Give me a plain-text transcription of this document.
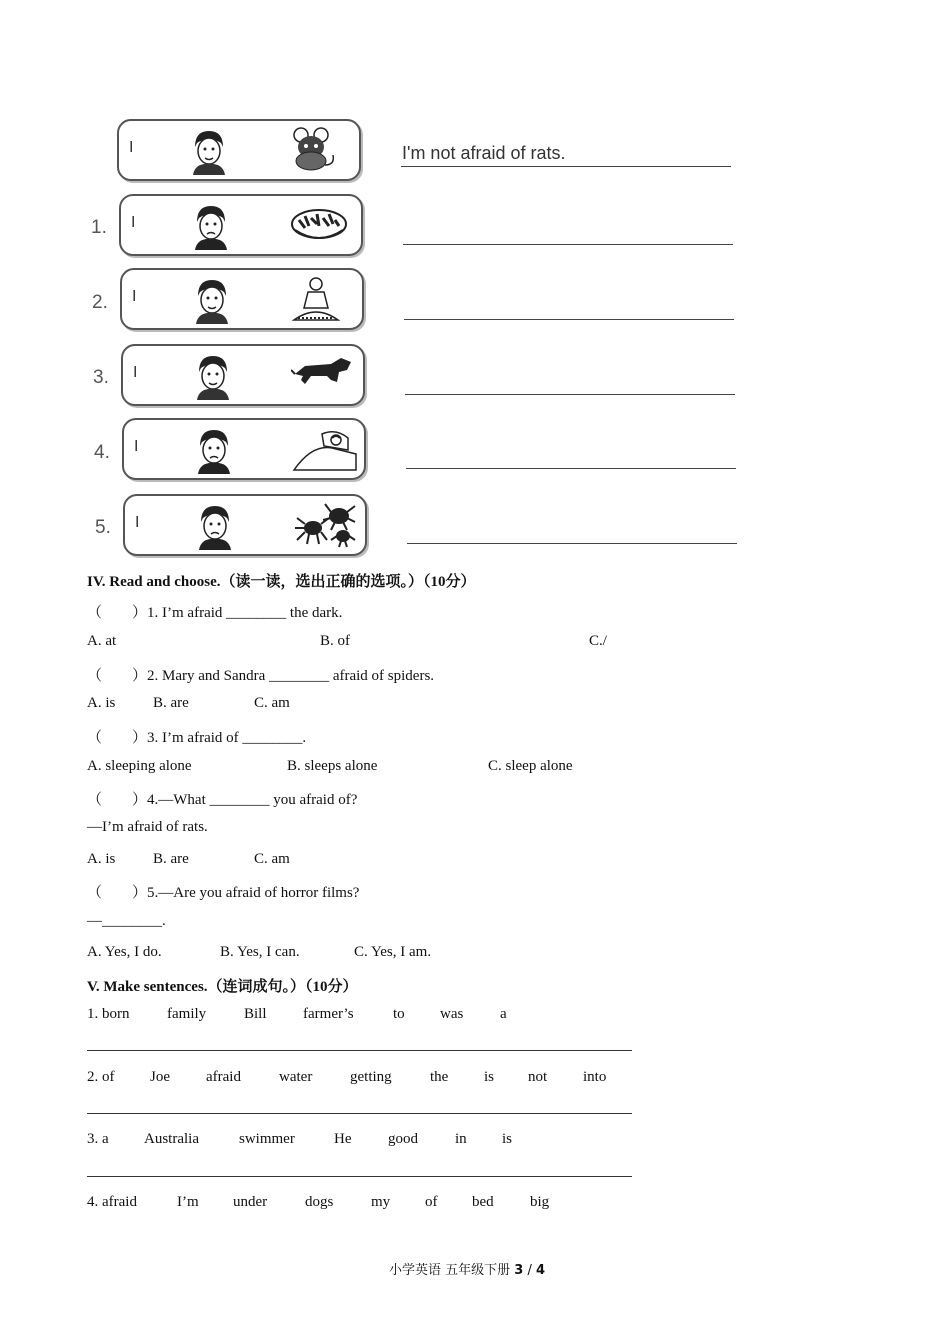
I	I'm not afraid of rats.
1. I
2. I
3. I
4. I
5. I
IV. Read and choose.（读一读，选出正确的选项。）（10分）
（　　）1. I’m afraid ________ the dark.
A. at	B. of	C./
（　　）2. Mary and Sandra ________ afraid of spiders.
A. is	B. are	C. am
（　　）3. I’m afraid of ________.
A. sleeping alone	B. sleeps alone	C. sleep alone
（　　）4.—What ________ you afraid of?
—I’m afraid of rats.
A. is	B. are	C. am
（　　）5.—Are you afraid of horror films?
—________.
A. Yes, I do.	B. Yes, I can.	C. Yes, I am.
V. Make sentences.（连词成句。）（10分）
1. born	family	Bill farmer’s	to was a
2. of Joe afraid	water	getting	the is not into
3. a Australia	swimmer	He good in is
4. afraid	I’m under	dogs	my of bed big
小学英语 五年级下册 3 / 4
